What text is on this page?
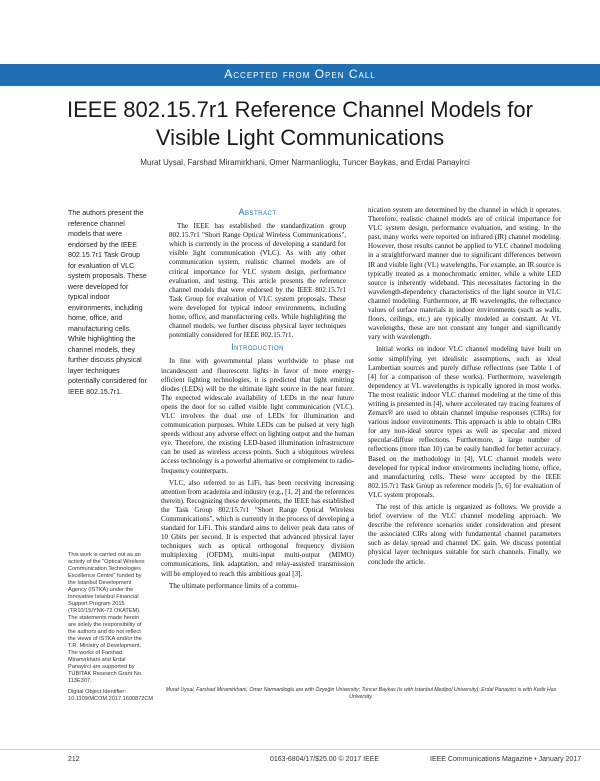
Accepted from Open Call
IEEE 802.15.7r1 Reference Channel Models for Visible Light Communications
Murat Uysal, Farshad Miramirkhani, Omer Narmanlioglu, Tuncer Baykas, and Erdal Panayirci
The authors present the reference channel models that were endorsed by the IEEE 802.15.7r1 Task Group for evaluation of VLC system proposals. These were developed for typical indoor environments, including home, office, and manufacturing cells. While highlighting the channel models, they further discuss physical layer techniques potentially considered for IEEE 802.15.7r1.
This work is carried out as an activity of the "Optical Wireless Communication Technologies Excellence Centre" funded by the Istanbul Development Agency (ISTKA) under the Innovative Istanbul Financial Support Program 2015 (TR10/15/YNK-72 OKATEM). The statements made herein are solely the responsibility of the authors and do not reflect the views of ISTKA and/or the T.R. Ministry of Development. The works of Farshad Miramirkhani and Erdal Panayirci are supported by TUBITAK Research Grant No. 113E307.
Digital Object Identifier: 10.1109/MCOM.2017.1600872CM
Abstract

The IEEE has established the standardization group 802.15.7r1 "Short Range Optical Wireless Communications", which is currently in the process of developing a standard for visible light communication (VLC). As with any other communication system, realistic channel models are of critical importance for VLC system design, performance evaluation, and testing. This article presents the reference channel models that were endorsed by the IEEE 802.15.7r1 Task Group for evaluation of VLC system proposals. These were developed for typical indoor environments, including home, office, and manufacturing cells. While highlighting the channel models, we further discuss physical layer techniques potentially considered for IEEE 802.15.7r1.

Introduction

In line with governmental plans worldwide to phase out incandescent and fluorescent lights in favor of more energy-efficient lighting technologies, it is predicted that light emitting diodes (LEDs) will be the ultimate light source in the near future. The expected widescale availability of LEDs in the near future opens the door for so called visible light communication (VLC). VLC involves the dual use of LEDs for illumination and communication purposes. White LEDs can be pulsed at very high speeds without any adverse effect on lighting output and the human eye. Therefore, the existing LED-based illumination infrastructure can be used as wireless access points. Such a ubiquitous wireless access technology is a powerful alternative or complement to radio-frequency counterparts.

VLC, also referred to as LiFi, has been receiving increasing attention from academia and industry (e.g., [1, 2] and the references therein). Recognizing these developments, the IEEE has established the Task Group 802.15.7r1 "Short Range Optical Wireless Communications", which is currently in the process of developing a standard for LiFi. This standard aims to deliver peak data rates of 10 Gbits per second. It is expected that advanced physical layer techniques such as optical orthogonal frequency division multiplexing (OFDM), multi-input multi-output (MIMO) communications, link adaptation, and relay-assisted transmission will be employed to reach this ambitious goal [3].

The ultimate performance limits of a commu-

nication system are determined by the channel in which it operates. Therefore, realistic channel models are of critical importance for VLC system design, performance evaluation, and testing. In the past, many works were reported on infrared (IR) channel modeling. However, those results cannot be applied to VLC channel modeling in a straightforward manner due to significant differences between IR and visible light (VL) wavelengths. For example, an IR source is typically treated as a monochromatic emitter, while a white LED source is inherently wideband. This necessitates factoring in the wavelength-dependency characteristics of the light source in VLC channel modeling. Furthermore, at IR wavelengths, the reflectance values of surface materials in indoor environments (such as walls, floors, ceilings, etc.) are typically modeled as constant. At VL wavelengths, these are not constant any longer and significantly vary with wavelength.

Initial works on indoor VLC channel modeling have built on some simplifying yet idealistic assumptions, such as ideal Lambertian sources and purely diffuse reflections (see Table 1 of [4] for a comparison of these works). Furthermore, wavelength dependency at VL wavelengths is typically ignored in most works. The most realistic indoor VLC channel modeling at the time of this writing is presented in [4], where accelerated ray tracing features of Zemax® are used to obtain channel impulse responses (CIRs) for various indoor environments. This approach is able to obtain CIRs for any non-ideal source types as well as specular and mixed specular-diffuse reflections. Furthermore, a large number of reflections (more than 10) can be easily handled for better accuracy. Based on the methodology in [4], VLC channel models were developed for typical indoor environments including home, office, and manufacturing cells. These were accepted by the IEEE 802.15.7r1 Task Group as reference models [5, 6] for evaluation of VLC system proposals.

The rest of this article is organized as follows. We provide a brief overview of the VLC channel modeling approach. We describe the reference scenarios under consideration and present the associated CIRs along with fundamental channel parameters such as delay spread and channel DC gain. We discuss potential physical layer techniques suitable for such channels. Finally, we conclude the article.

Murat Uysal, Farshad Miramirkhani, Omer Narmanlioglu are with Özyeğin University; Tuncer Baykas (is with Istanbul Medipol University); Erdal Panayirci is with Kadir Has University.
212	0163-6804/17/$25.00 © 2017 IEEE	IEEE Communications Magazine • January 2017
